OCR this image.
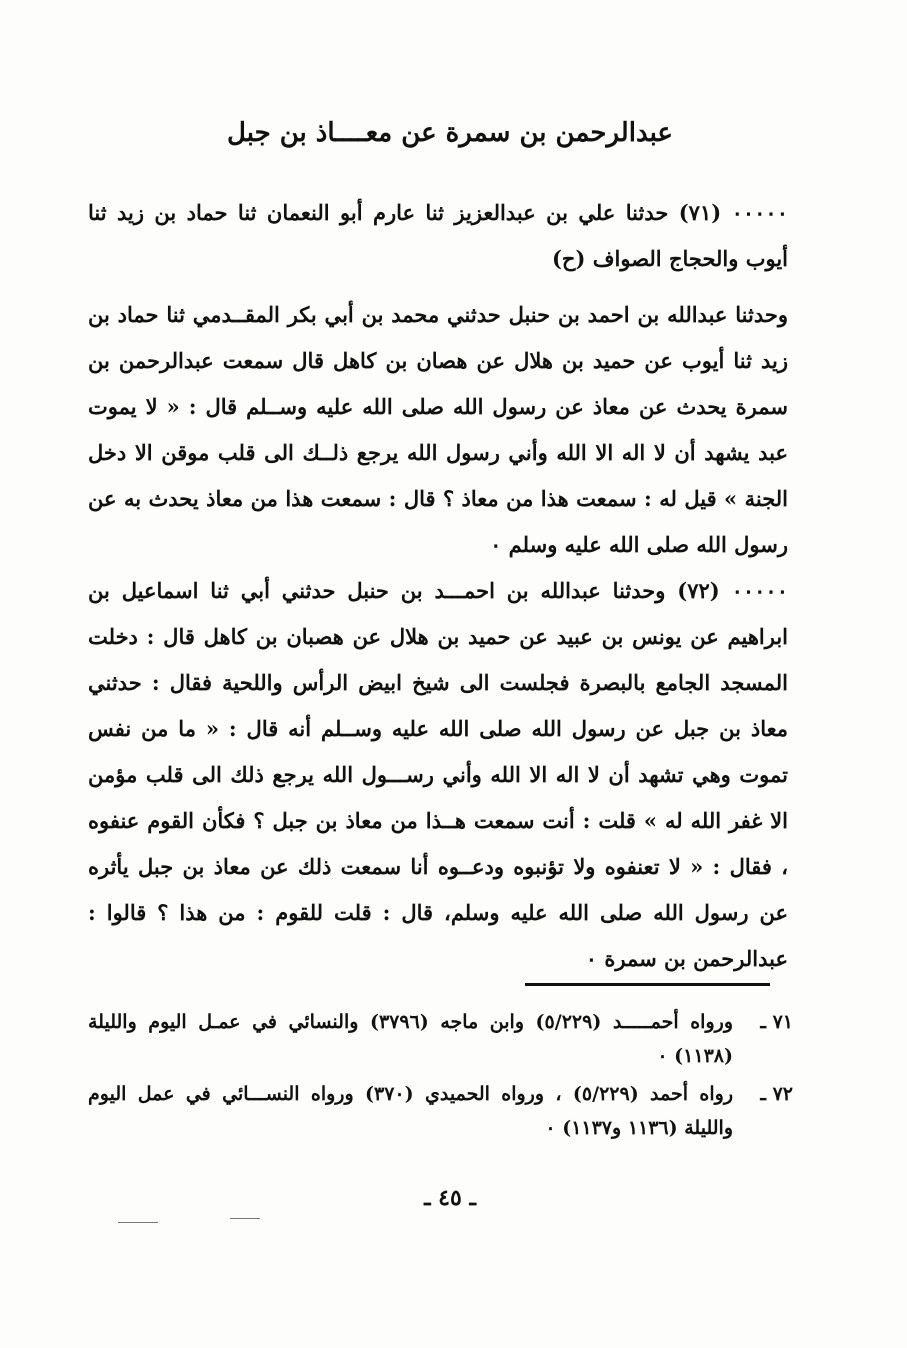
عبدالرحمن بن سمرة عن معــــاذ بن جبل

٠٠٠٠٠ (٧١) حدثنا علي بن عبدالعزيز ثنا عارم أبو النعمان ثنا حماد بن زيد ثنا أيوب والحجاج الصواف (ح)

وحدثنا عبدالله بن احمد بن حنبل حدثني محمد بن أبي بكر المقــدمي ثنا حماد بن زيد ثنا أيوب عن حميد بن هلال عن هصان بن كاهل قال سمعت عبدالرحمن بن سمرة يحدث عن معاذ عن رسول الله صلى الله عليه وســلم قال : « لا يموت عبد يشهد أن لا اله الا الله وأني رسول الله يرجع ذلــك الى قلب موقن الا دخل الجنة » قيل له : سمعت هذا من معاذ ؟ قال : سمعت هذا من معاذ يحدث به عن رسول الله صلى الله عليه وسلم ٠

٠٠٠٠٠ (٧٢) وحدثنا عبدالله بن احمـــد بن حنبل حدثني أبي ثنا اسماعيل بن ابراهيم عن يونس بن عبيد عن حميد بن هلال عن هصبان بن كاهل قال : دخلت المسجد الجامع بالبصرة فجلست الى شيخ ابيض الرأس واللحية فقال : حدثني معاذ بن جبل عن رسول الله صلى الله عليه وســلم أنه قال : « ما من نفس تموت وهي تشهد أن لا اله الا الله وأني رســـول الله يرجع ذلك الى قلب مؤمن الا غفر الله له » قلت : أنت سمعت هــذا من معاذ بن جبل ؟ فكأن القوم عنفوه ، فقال : « لا تعنفوه ولا تؤنبوه ودعــوه أنا سمعت ذلك عن معاذ بن جبل يأثره عن رسول الله صلى الله عليه وسلم، قال : قلت للقوم : من هذا ؟ قالوا : عبدالرحمن بن سمرة ٠

٧١ ـ
ورواه أحمـــــد (٥/٢٢٩) وابن ماجه (٣٧٩٦) والنسائي في عمـل اليوم والليلة (١١٣٨) ٠
٧٢ ـ
رواه أحمد (٥/٢٢٩) ، ورواه الحميدي (٣٧٠) ورواه النســـائي في عمل اليوم والليلة (١١٣٦ و١١٣٧) ٠
ـ ٤٥ ـ
